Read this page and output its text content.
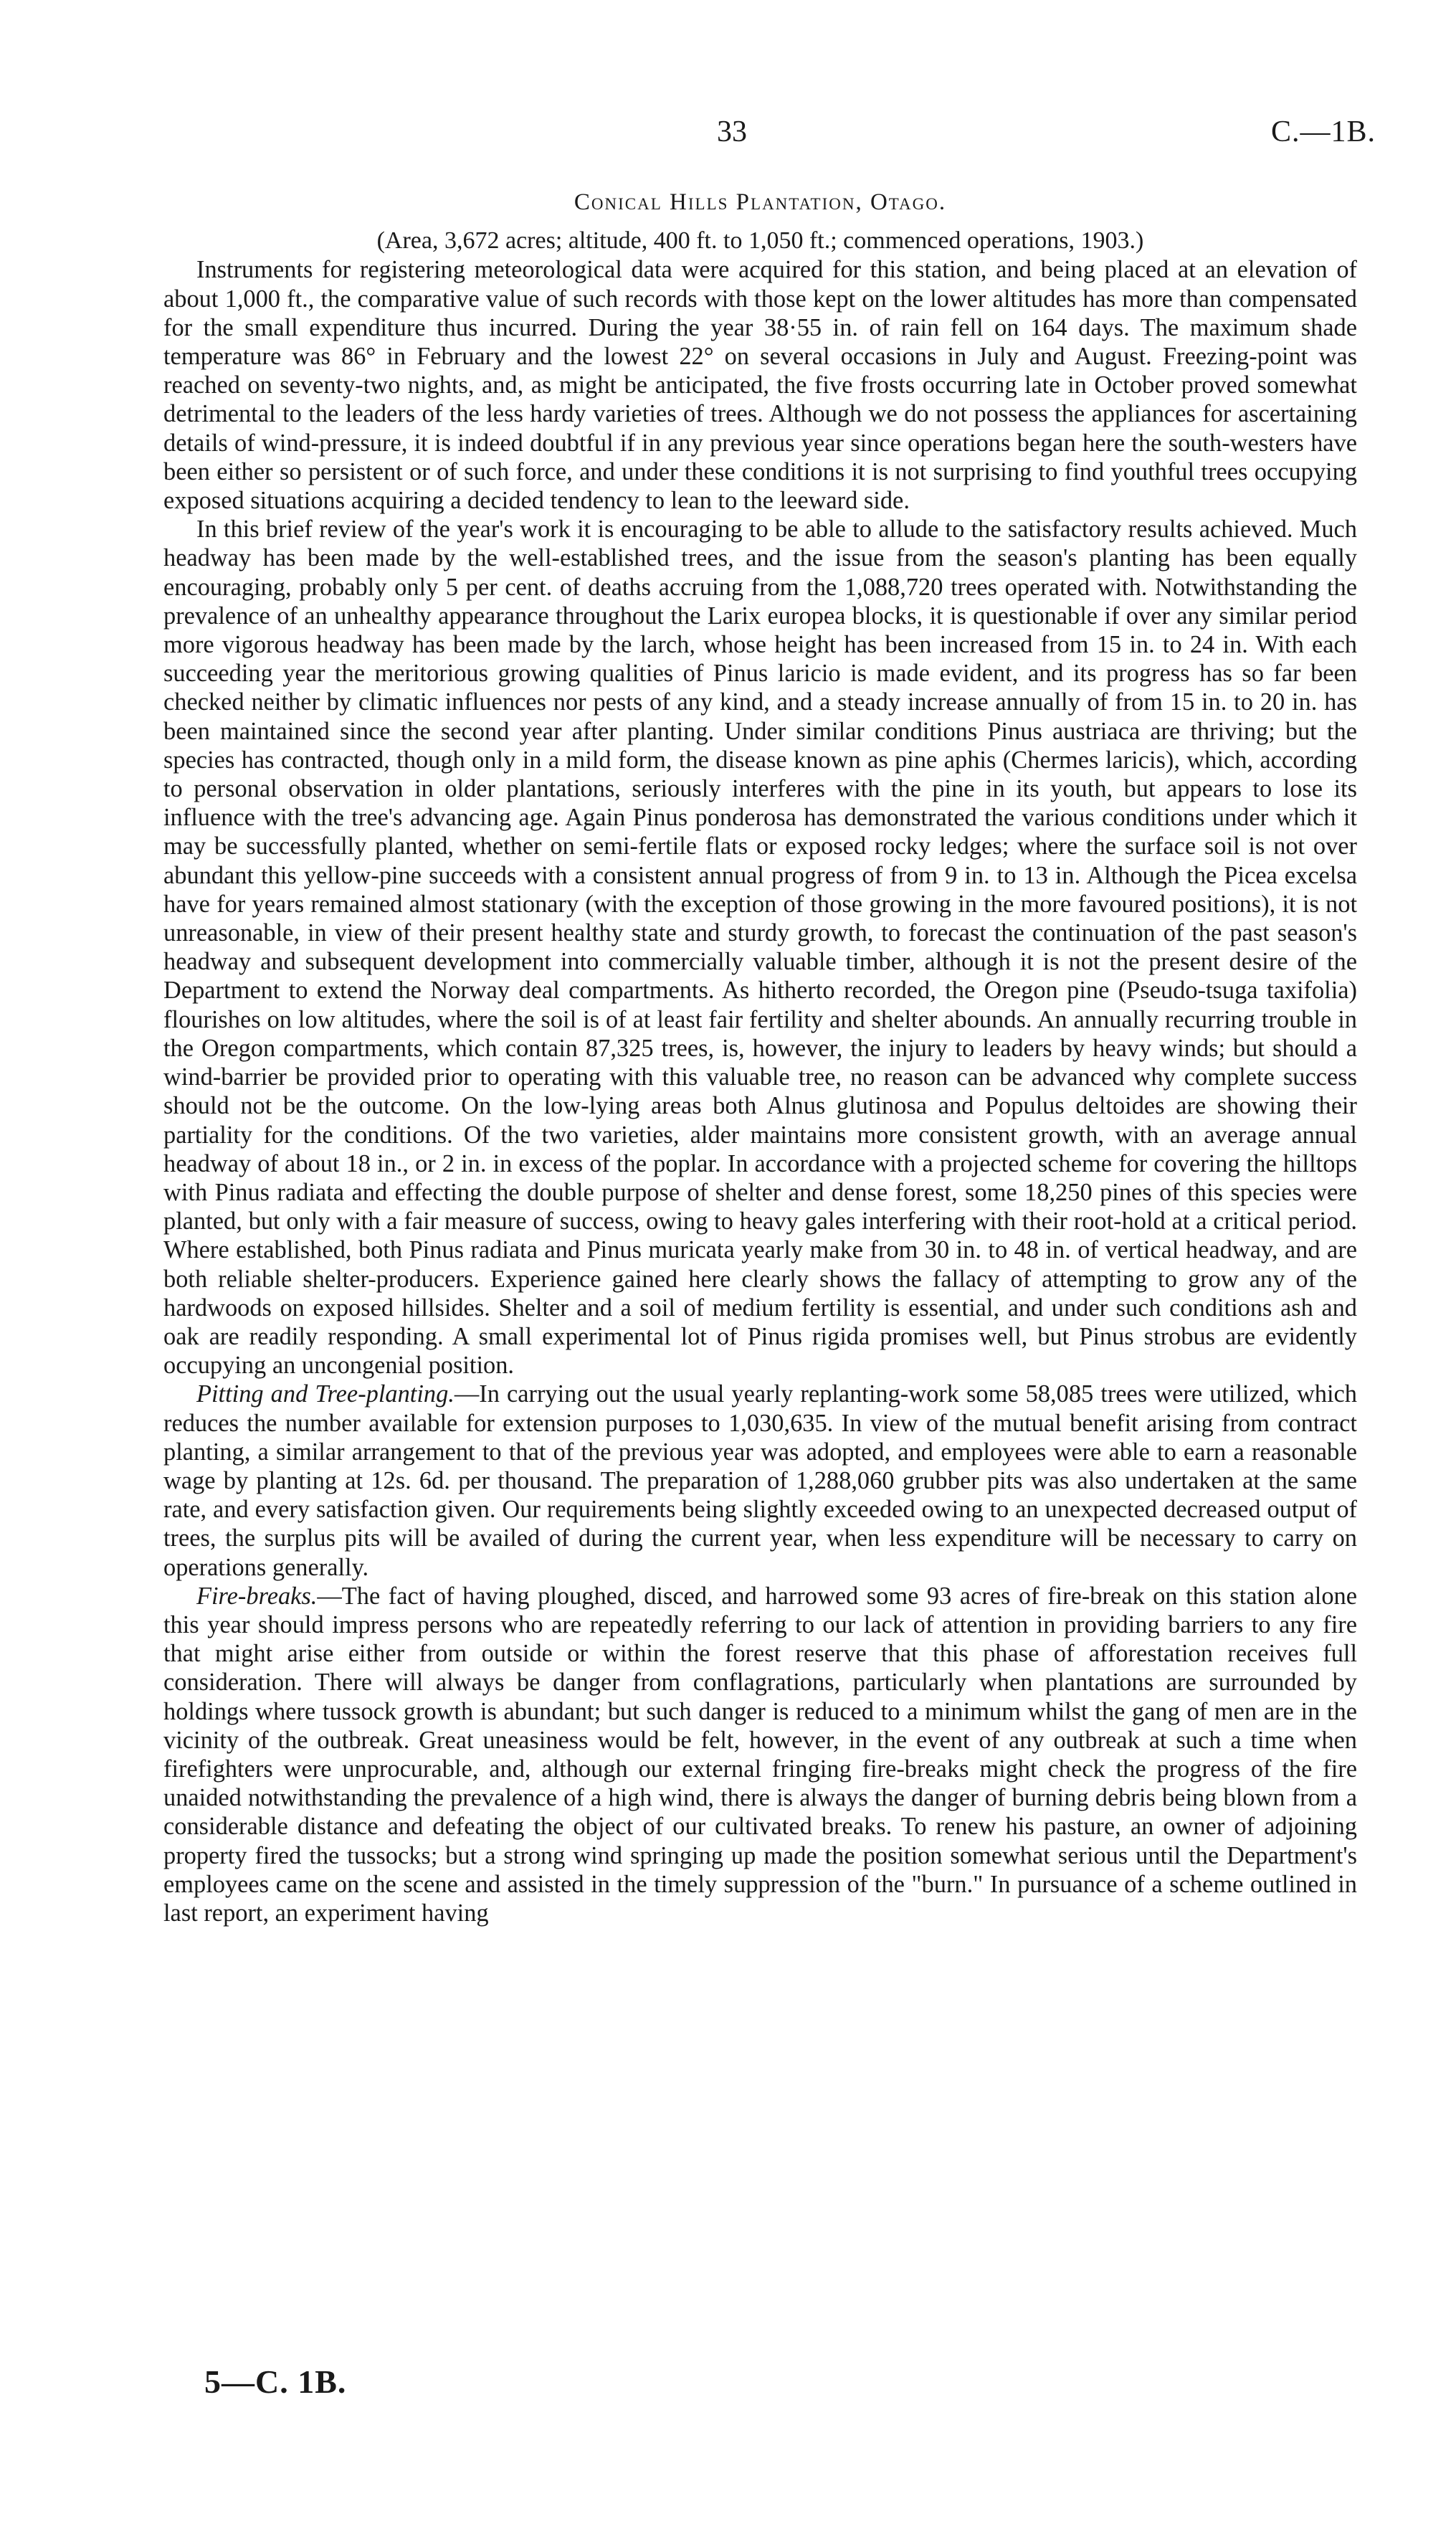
33	C.—1B.
Conical Hills Plantation, Otago.
(Area, 3,672 acres; altitude, 400 ft. to 1,050 ft.; commenced operations, 1903.)

Instruments for registering meteorological data were acquired for this station, and being placed at an elevation of about 1,000 ft., the comparative value of such records with those kept on the lower altitudes has more than compensated for the small expenditure thus incurred. During the year 38·55 in. of rain fell on 164 days. The maximum shade temperature was 86° in February and the lowest 22° on several occasions in July and August. Freezing-point was reached on seventy-two nights, and, as might be anticipated, the five frosts occurring late in October proved somewhat detrimental to the leaders of the less hardy varieties of trees. Although we do not possess the appliances for ascertaining details of wind-pressure, it is indeed doubtful if in any previous year since operations began here the south-westers have been either so persistent or of such force, and under these conditions it is not surprising to find youthful trees occupying exposed situations acquiring a decided tendency to lean to the leeward side.

In this brief review of the year's work it is encouraging to be able to allude to the satisfactory results achieved. Much headway has been made by the well-established trees, and the issue from the season's planting has been equally encouraging, probably only 5 per cent. of deaths accruing from the 1,088,720 trees operated with. Notwithstanding the prevalence of an unhealthy appearance throughout the Larix europea blocks, it is questionable if over any similar period more vigorous headway has been made by the larch, whose height has been increased from 15 in. to 24 in. With each succeeding year the meritorious growing qualities of Pinus laricio is made evident, and its progress has so far been checked neither by climatic influences nor pests of any kind, and a steady increase annually of from 15 in. to 20 in. has been maintained since the second year after planting. Under similar conditions Pinus austriaca are thriving; but the species has contracted, though only in a mild form, the disease known as pine aphis (Chermes laricis), which, according to personal observation in older plantations, seriously interferes with the pine in its youth, but appears to lose its influence with the tree's advancing age. Again Pinus ponderosa has demonstrated the various conditions under which it may be successfully planted, whether on semi-fertile flats or exposed rocky ledges; where the surface soil is not over abundant this yellow-pine succeeds with a consistent annual progress of from 9 in. to 13 in. Although the Picea excelsa have for years remained almost stationary (with the exception of those growing in the more favoured positions), it is not unreasonable, in view of their present healthy state and sturdy growth, to forecast the continuation of the past season's headway and subsequent development into commercially valuable timber, although it is not the present desire of the Department to extend the Norway deal compartments. As hitherto recorded, the Oregon pine (Pseudo-tsuga taxifolia) flourishes on low altitudes, where the soil is of at least fair fertility and shelter abounds. An annually recurring trouble in the Oregon compartments, which contain 87,325 trees, is, however, the injury to leaders by heavy winds; but should a wind-barrier be provided prior to operating with this valuable tree, no reason can be advanced why complete success should not be the outcome. On the low-lying areas both Alnus glutinosa and Populus deltoides are showing their partiality for the conditions. Of the two varieties, alder maintains more consistent growth, with an average annual headway of about 18 in., or 2 in. in excess of the poplar. In accordance with a projected scheme for covering the hilltops with Pinus radiata and effecting the double purpose of shelter and dense forest, some 18,250 pines of this species were planted, but only with a fair measure of success, owing to heavy gales interfering with their root-hold at a critical period. Where established, both Pinus radiata and Pinus muricata yearly make from 30 in. to 48 in. of vertical headway, and are both reliable shelter-producers. Experience gained here clearly shows the fallacy of attempting to grow any of the hardwoods on exposed hillsides. Shelter and a soil of medium fertility is essential, and under such conditions ash and oak are readily responding. A small experimental lot of Pinus rigida promises well, but Pinus strobus are evidently occupying an uncongenial position.

Pitting and Tree-planting.—In carrying out the usual yearly replanting-work some 58,085 trees were utilized, which reduces the number available for extension purposes to 1,030,635. In view of the mutual benefit arising from contract planting, a similar arrangement to that of the previous year was adopted, and employees were able to earn a reasonable wage by planting at 12s. 6d. per thousand. The preparation of 1,288,060 grubber pits was also undertaken at the same rate, and every satisfaction given. Our requirements being slightly exceeded owing to an unexpected decreased output of trees, the surplus pits will be availed of during the current year, when less expenditure will be necessary to carry on operations generally.

Fire-breaks.—The fact of having ploughed, disced, and harrowed some 93 acres of fire-break on this station alone this year should impress persons who are repeatedly referring to our lack of attention in providing barriers to any fire that might arise either from outside or within the forest reserve that this phase of afforestation receives full consideration. There will always be danger from conflagrations, particularly when plantations are surrounded by holdings where tussock growth is abundant; but such danger is reduced to a minimum whilst the gang of men are in the vicinity of the outbreak. Great uneasiness would be felt, however, in the event of any outbreak at such a time when firefighters were unprocurable, and, although our external fringing fire-breaks might check the progress of the fire unaided notwithstanding the prevalence of a high wind, there is always the danger of burning debris being blown from a considerable distance and defeating the object of our cultivated breaks. To renew his pasture, an owner of adjoining property fired the tussocks; but a strong wind springing up made the position somewhat serious until the Department's employees came on the scene and assisted in the timely suppression of the "burn." In pursuance of a scheme outlined in last report, an experiment having

5—C. 1B.
